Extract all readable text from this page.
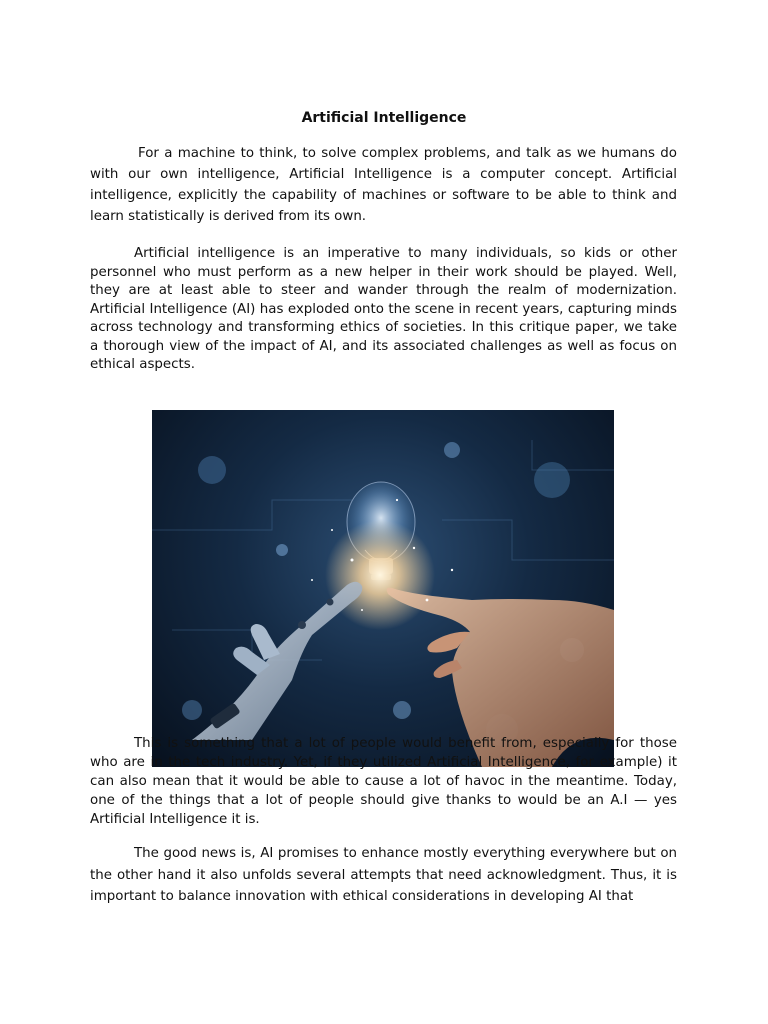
Artificial Intelligence

For a machine to think, to solve complex problems, and talk as we humans do with our own intelligence, Artificial Intelligence is a computer concept. Artificial intelligence, explicitly the capability of machines or software to be able to think and learn statistically is derived from its own.

Artificial intelligence is an imperative to many individuals, so kids or other personnel who must perform as a new helper in their work should be played. Well, they are at least able to steer and wander through the realm of modernization. Artificial Intelligence (AI) has exploded onto the scene in recent years, capturing minds across technology and transforming ethics of societies. In this critique paper, we take a thorough view of the impact of AI, and its associated challenges as well as focus on ethical aspects.

This is something that a lot of people would benefit from, especially for those who are in the tech industry. Yet, if they utilized Artificial Intelligence, for example) it can also mean that it would be able to cause a lot of havoc in the meantime. Today, one of the things that a lot of people should give thanks to would be an A.I — yes Artificial Intelligence it is.

The good news is, AI promises to enhance mostly everything everywhere but on the other hand it also unfolds several attempts that need acknowledgment. Thus, it is important to balance innovation with ethical considerations in developing AI that
